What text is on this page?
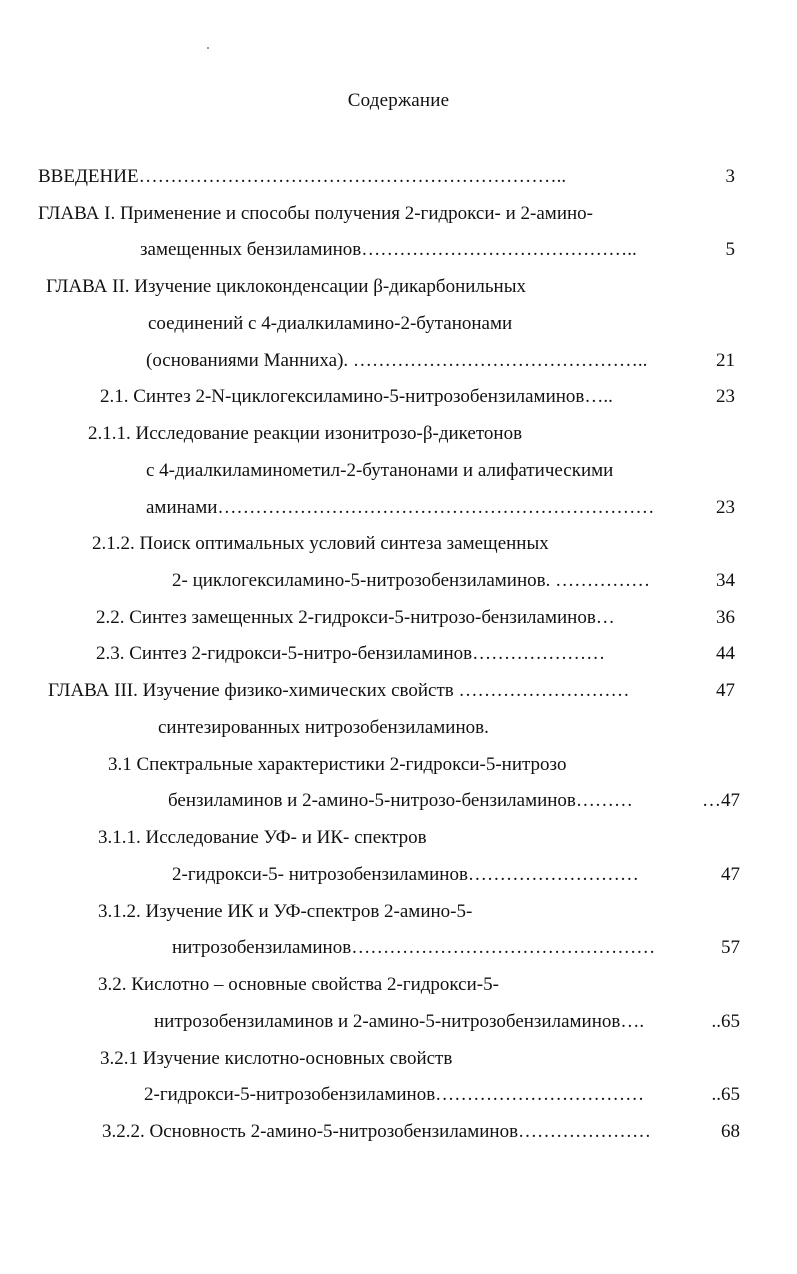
Содержание
ВВЕДЕНИЕ…………………………………………………………..	3
ГЛАВА I. Применение и способы получения 2-гидрокси- и 2-амино-
замещенных бензиламинов……………………………………..	5
ГЛАВА II. Изучение циклоконденсации β-дикарбонильных
соединений с 4-диалкиламино-2-бутанонами
(основаниями Манниха). ………………………………………..	21
2.1. Синтез 2-N-циклогексиламино-5-нитрозобензиламинов…..	23
2.1.1. Исследование реакции изонитрозо-β-дикетонов
с 4-диалкиламинометил-2-бутанонами и алифатическими
аминами……………………………………………………………	23
2.1.2. Поиск оптимальных условий синтеза замещенных
2- циклогексиламино-5-нитрозобензиламинов. ……………	34
2.2. Синтез замещенных 2-гидрокси-5-нитрозо-бензиламинов…	36
2.3. Синтез 2-гидрокси-5-нитро-бензиламинов…………………	44
ГЛАВА III. Изучение физико-химических свойств ………………………	47
синтезированных нитрозобензиламинов.
3.1 Спектральные характеристики 2-гидрокси-5-нитрозо
бензиламинов и 2-амино-5-нитрозо-бензиламинов………	…47
3.1.1. Исследование УФ- и ИК- спектров
2-гидрокси-5- нитрозобензиламинов………………………	47
3.1.2. Изучение ИК и УФ-спектров 2-амино-5-
нитрозобензиламинов…………………………………………	57
3.2. Кислотно – основные свойства 2-гидрокси-5-
нитрозобензиламинов и 2-амино-5-нитрозобензиламинов….	..65
3.2.1 Изучение кислотно-основных свойств
2-гидрокси-5-нитрозобензиламинов……………………………	..65
3.2.2. Основность 2-амино-5-нитрозобензиламинов…………………	68
